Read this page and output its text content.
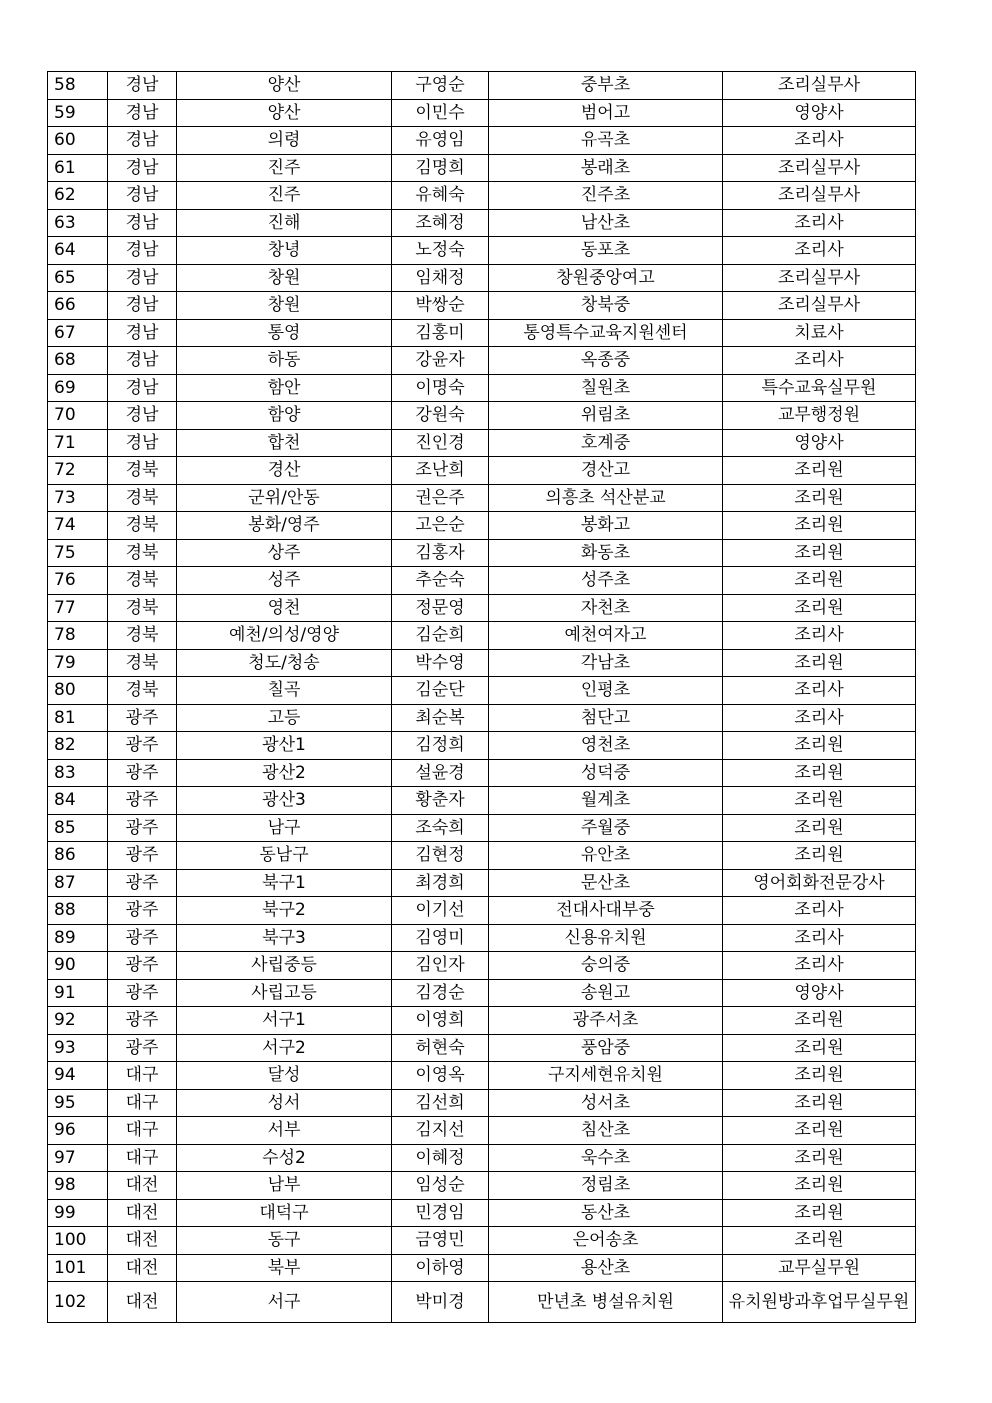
58	경남	양산	구영순	중부초	조리실무사
59	경남	양산	이민수	범어고	영양사
60	경남	의령	유영임	유곡초	조리사
61	경남	진주	김명희	봉래초	조리실무사
62	경남	진주	유혜숙	진주초	조리실무사
63	경남	진해	조혜정	남산초	조리사
64	경남	창녕	노정숙	동포초	조리사
65	경남	창원	임채정	창원중앙여고	조리실무사
66	경남	창원	박쌍순	창북중	조리실무사
67	경남	통영	김홍미	통영특수교육지원센터	치료사
68	경남	하동	강윤자	옥종중	조리사
69	경남	함안	이명숙	칠원초	특수교육실무원
70	경남	함양	강원숙	위림초	교무행정원
71	경남	합천	진인경	호계중	영양사
72	경북	경산	조난희	경산고	조리원
73	경북	군위/안동	권은주	의흥초 석산분교	조리원
74	경북	봉화/영주	고은순	봉화고	조리원
75	경북	상주	김홍자	화동초	조리원
76	경북	성주	추순숙	성주초	조리원
77	경북	영천	정문영	자천초	조리원
78	경북	예천/의성/영양	김순희	예천여자고	조리사
79	경북	청도/청송	박수영	각남초	조리원
80	경북	칠곡	김순단	인평초	조리사
81	광주	고등	최순복	첨단고	조리사
82	광주	광산1	김정희	영천초	조리원
83	광주	광산2	설윤경	성덕중	조리원
84	광주	광산3	황춘자	월계초	조리원
85	광주	남구	조숙희	주월중	조리원
86	광주	동남구	김현정	유안초	조리원
87	광주	북구1	최경희	문산초	영어회화전문강사
88	광주	북구2	이기선	전대사대부중	조리사
89	광주	북구3	김영미	신용유치원	조리사
90	광주	사립중등	김인자	숭의중	조리사
91	광주	사립고등	김경순	송원고	영양사
92	광주	서구1	이영희	광주서초	조리원
93	광주	서구2	허현숙	풍암중	조리원
94	대구	달성	이영옥	구지세현유치원	조리원
95	대구	성서	김선희	성서초	조리원
96	대구	서부	김지선	침산초	조리원
97	대구	수성2	이혜정	욱수초	조리원
98	대전	남부	임성순	정림초	조리원
99	대전	대덕구	민경임	동산초	조리원
100	대전	동구	금영민	은어송초	조리원
101	대전	북부	이하영	용산초	교무실무원
102	대전	서구	박미경	만년초 병설유치원	유치원방과후업무실무원
